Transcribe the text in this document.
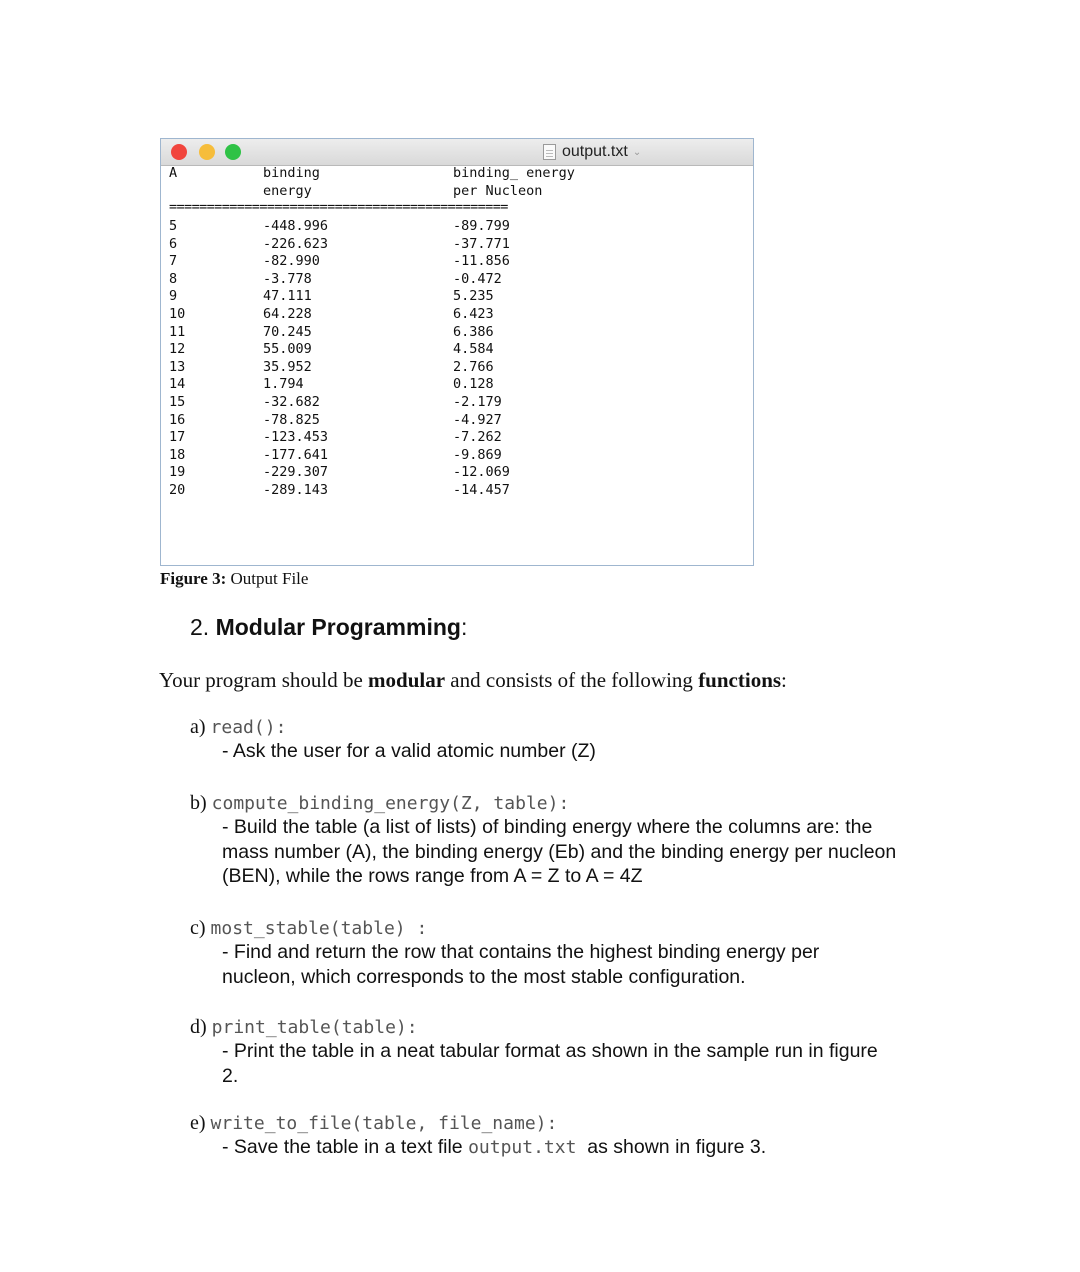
output.txt ⌄
A	binding
energy
binding_ energy
per Nucleon
=============================================
5
6
7
8
9
10
11
12
13
14
15
16
17
18
19
20
-448.996
-226.623
-82.990
-3.778
47.111
64.228
70.245
55.009
35.952
1.794
-32.682
-78.825
-123.453
-177.641
-229.307
-289.143
-89.799
-37.771
-11.856
-0.472
5.235
6.423
6.386
4.584
2.766
0.128
-2.179
-4.927
-7.262
-9.869
-12.069
-14.457
Figure 3: Output File
2. Modular Programming:
Your program should be modular and consists of the following functions:
a) read():
- Ask the user for a valid atomic number (Z)
b) compute_binding_energy(Z, table):
- Build the table (a list of lists) of binding energy where the columns are: the mass number (A), the binding energy (Eb) and the binding energy per nucleon (BEN), while the rows range from A = Z to A = 4Z
c) most_stable(table) :
- Find and return the row that contains the highest binding energy per nucleon, which corresponds to the most stable configuration.
d) print_table(table):
- Print the table in a neat tabular format as shown in the sample run in figure 2.
e) write_to_file(table, file_name):
- Save the table in a text file output.txt  as shown in figure 3.
